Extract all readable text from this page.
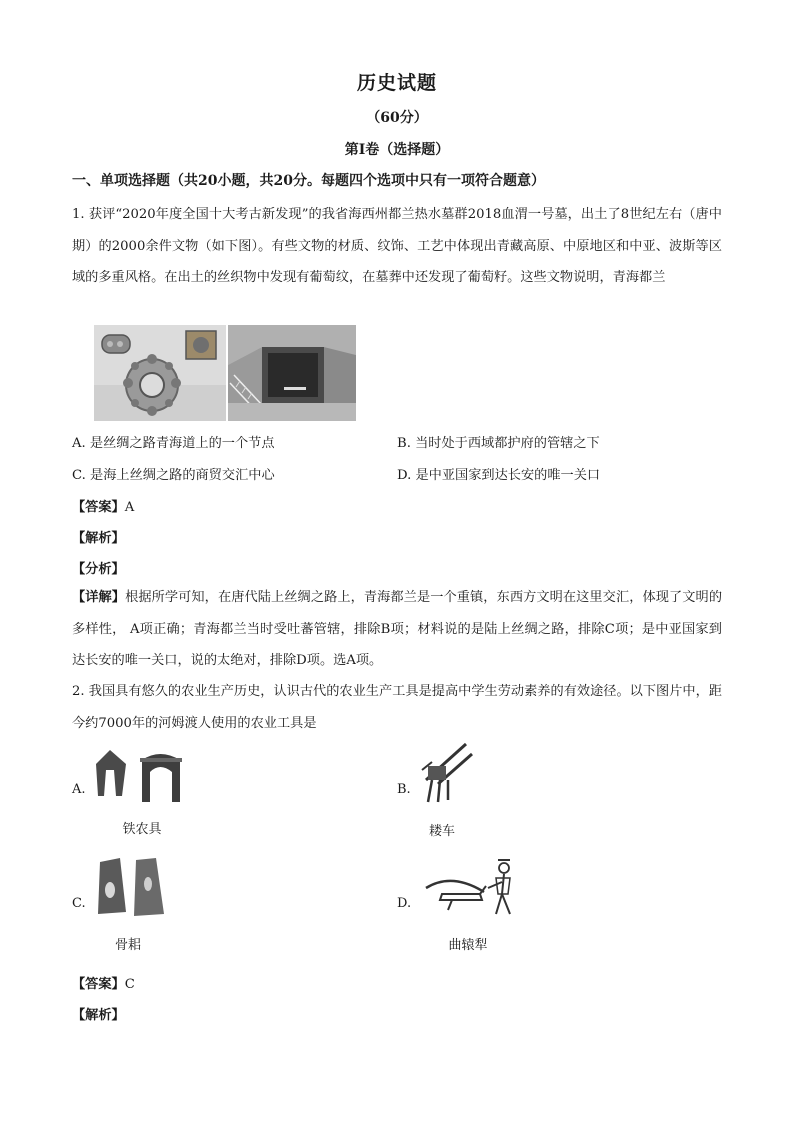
历史试题
（60分）
第Ⅰ卷（选择题）
一、单项选择题（共20小题，共20分。每题四个选项中只有一项符合题意）
1. 获评“2020年度全国十大考古新发现”的我省海西州都兰热水墓群2018血渭一号墓，出土了8世纪左右（唐中期）的2000余件文物（如下图）。有些文物的材质、纹饰、工艺中体现出青藏高原、中原地区和中亚、波斯等区域的多重风格。在出土的丝织物中发现有葡萄纹，在墓葬中还发现了葡萄籽。这些文物说明，青海都兰
A. 是丝绸之路青海道上的一个节点	B. 当时处于西域都护府的管辖之下
C. 是海上丝绸之路的商贸交汇中心	D. 是中亚国家到达长安的唯一关口
【答案】A
【解析】
【分析】
【详解】根据所学可知，在唐代陆上丝绸之路上，青海都兰是一个重镇，东西方文明在这里交汇，体现了文明的多样性， A项正确；青海都兰当时受吐蕃管辖，排除B项；材料说的是陆上丝绸之路，排除C项；是中亚国家到达长安的唯一关口，说的太绝对，排除D项。选A项。
2. 我国具有悠久的农业生产历史，认识古代的农业生产工具是提高中学生劳动素养的有效途径。以下图片中，距今约7000年的河姆渡人使用的农业工具是
A.
铁农具
B.
耧车
C.
骨耜
D.
曲辕犁
【答案】C
【解析】
